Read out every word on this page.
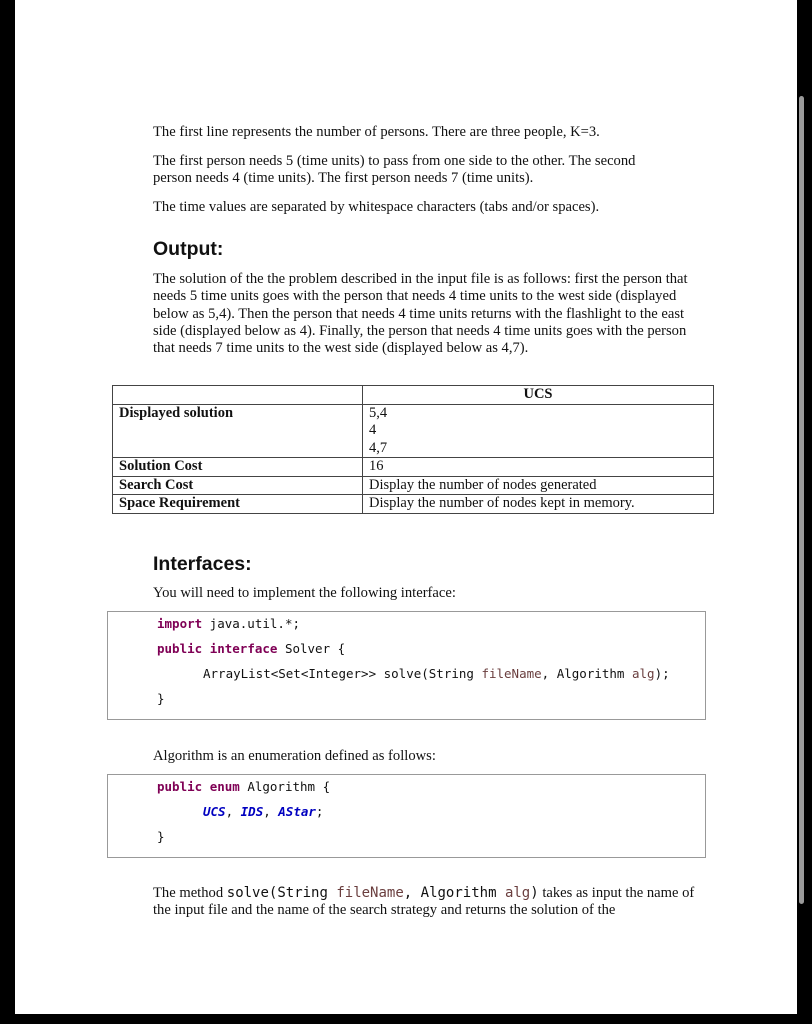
The first line represents the number of persons. There are three people, K=3.
The first person needs 5 (time units) to pass from one side to the other. The second person needs 4 (time units). The first person needs 7 (time units).
The time values are separated by whitespace characters (tabs and/or spaces).
Output:
The solution of the the problem described in the input file is as follows: first the person that needs 5 time units goes with the person that needs 4 time units to the west side (displayed below as 5,4). Then the person that needs 4 time units returns with the flashlight to the east side (displayed below as 4). Finally, the person that needs 4 time units goes with the person that needs 7 time units to the west side (displayed below as 4,7).
	UCS
Displayed solution	5,4
4
4,7

Solution Cost	16
Search Cost	Display the number of nodes generated
Space Requirement	Display the number of nodes kept in memory.
Interfaces:
You will need to implement the following interface:
import java.util.*;
public interface Solver {
ArrayList<Set<Integer>> solve(String fileName, Algorithm alg);
}
Algorithm is an enumeration defined as follows:
public enum Algorithm {
UCS, IDS, AStar;
}
The method solve(String fileName, Algorithm alg) takes as input the name of the input file and the name of the search strategy and returns the solution of the
